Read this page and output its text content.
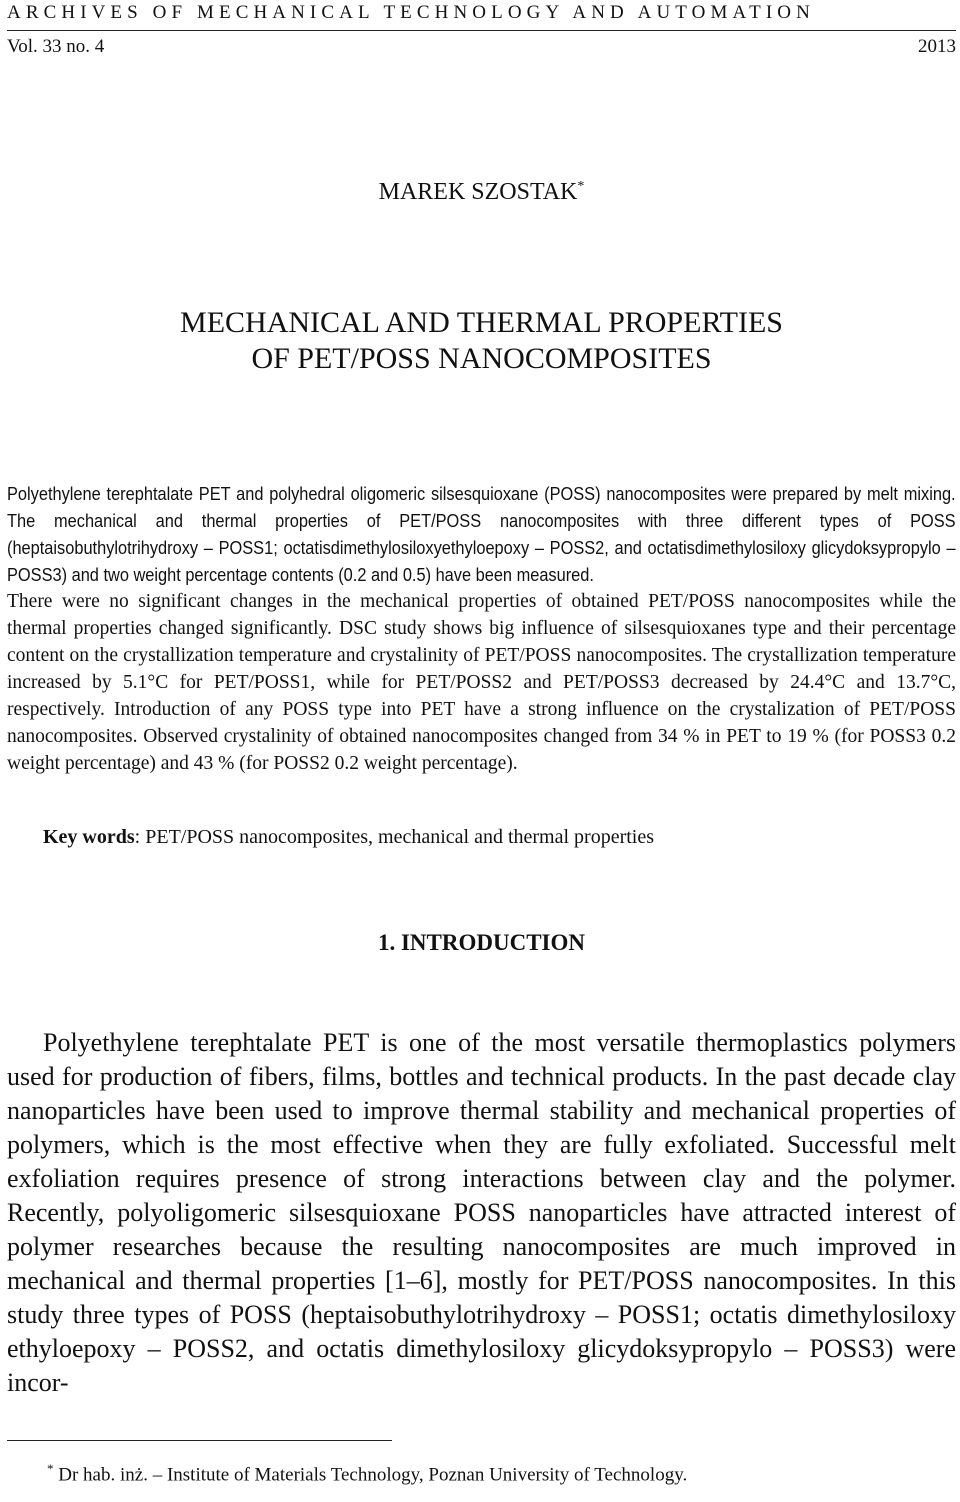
ARCHIVES OF MECHANICAL TECHNOLOGY AND AUTOMATION
Vol. 33 no. 4	2013
MAREK SZOSTAK*
MECHANICAL AND THERMAL PROPERTIES
OF PET/POSS NANOCOMPOSITES
Polyethylene terephtalate PET and polyhedral oligomeric silsesquioxane (POSS) nanocomposites were prepared by melt mixing. The mechanical and thermal properties of PET/POSS nanocomposites with three different types of POSS (heptaisobuthylotrihydroxy – POSS1; octatisdimethylosiloxyethyloepoxy – POSS2, and octatisdimethylosiloxy glicydoksypropylo – POSS3) and two weight percentage contents (0.2 and 0.5) have been measured.
There were no significant changes in the mechanical properties of obtained PET/POSS nanocomposites while the thermal properties changed significantly. DSC study shows big influence of silsesquioxanes type and their percentage content on the crystallization temperature and crystalinity of PET/POSS nanocomposites. The crystallization temperature increased by 5.1°C for PET/POSS1, while for PET/POSS2 and PET/POSS3 decreased by 24.4°C and 13.7°C, respectively. Introduction of any POSS type into PET have a strong influence on the crystalization of PET/POSS nanocomposites. Observed crystalinity of obtained nanocomposites changed from 34 % in PET to 19 % (for POSS3 0.2 weight percentage) and 43 % (for POSS2 0.2 weight percentage).
Key words: PET/POSS nanocomposites, mechanical and thermal properties
1. INTRODUCTION
Polyethylene terephtalate PET is one of the most versatile thermoplastics polymers used for production of fibers, films, bottles and technical products. In the past decade clay nanoparticles have been used to improve thermal stability and mechanical properties of polymers, which is the most effective when they are fully exfoliated. Successful melt exfoliation requires presence of strong interactions between clay and the polymer. Recently, polyoligomeric silsesquioxane POSS nanoparticles have attracted interest of polymer researches because the resulting nanocomposites are much improved in mechanical and thermal properties [1–6], mostly for PET/POSS nanocomposites. In this study three types of POSS (heptaisobuthylotrihydroxy – POSS1; octatis dimethylosiloxy ethyloepoxy – POSS2, and octatis dimethylosiloxy glicydoksypropylo – POSS3) were incor-
* Dr hab. inż. – Institute of Materials Technology, Poznan University of Technology.
